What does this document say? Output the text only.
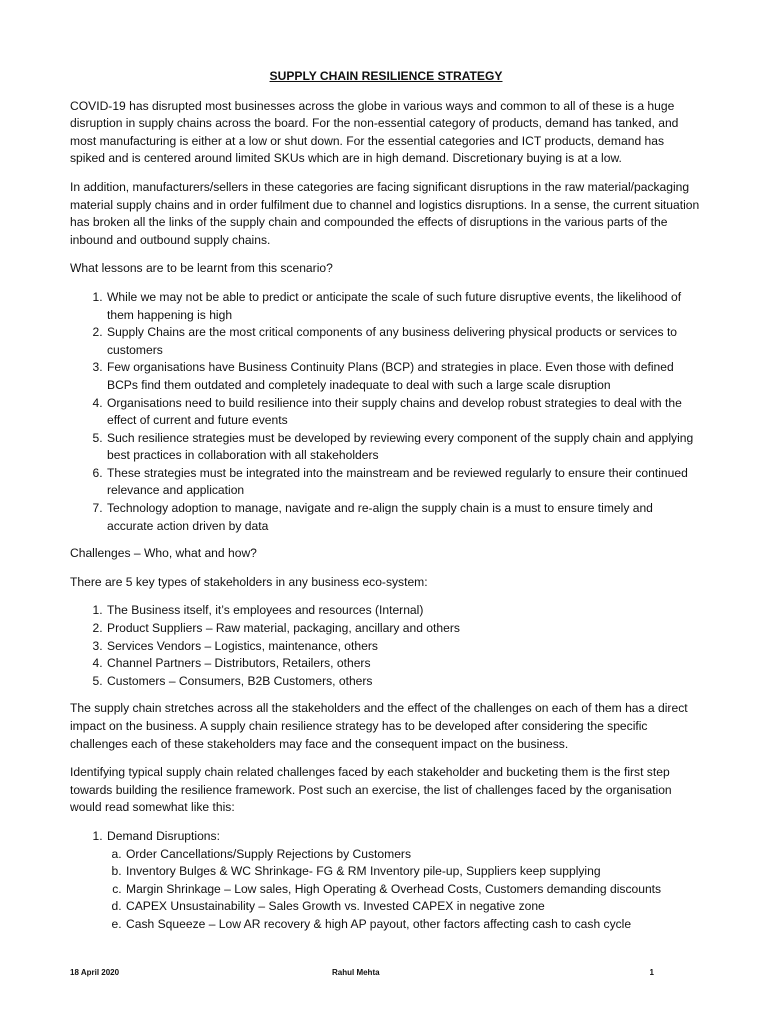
SUPPLY CHAIN RESILIENCE STRATEGY

COVID-19 has disrupted most businesses across the globe in various ways and common to all of these is a huge disruption in supply chains across the board. For the non-essential category of products, demand has tanked, and most manufacturing is either at a low or shut down. For the essential categories and ICT products, demand has spiked and is centered around limited SKUs which are in high demand. Discretionary buying is at a low.

In addition, manufacturers/sellers in these categories are facing significant disruptions in the raw material/packaging material supply chains and in order fulfilment due to channel and logistics disruptions. In a sense, the current situation has broken all the links of the supply chain and compounded the effects of disruptions in the various parts of the inbound and outbound supply chains.

What lessons are to be learnt from this scenario?

1. While we may not be able to predict or anticipate the scale of such future disruptive events, the likelihood of them happening is high
2. Supply Chains are the most critical components of any business delivering physical products or services to customers
3. Few organisations have Business Continuity Plans (BCP) and strategies in place. Even those with defined BCPs find them outdated and completely inadequate to deal with such a large scale disruption
4. Organisations need to build resilience into their supply chains and develop robust strategies to deal with the effect of current and future events
5. Such resilience strategies must be developed by reviewing every component of the supply chain and applying best practices in collaboration with all stakeholders
6. These strategies must be integrated into the mainstream and be reviewed regularly to ensure their continued relevance and application
7. Technology adoption to manage, navigate and re-align the supply chain is a must to ensure timely and accurate action driven by data

Challenges – Who, what and how?

There are 5 key types of stakeholders in any business eco-system:

1. The Business itself, it’s employees and resources (Internal)
2. Product Suppliers – Raw material, packaging, ancillary and others
3. Services Vendors – Logistics, maintenance, others
4. Channel Partners – Distributors, Retailers, others
5. Customers – Consumers, B2B Customers, others

The supply chain stretches across all the stakeholders and the effect of the challenges on each of them has a direct impact on the business. A supply chain resilience strategy has to be developed after considering the specific challenges each of these stakeholders may face and the consequent impact on the business.

Identifying typical supply chain related challenges faced by each stakeholder and bucketing them is the first step towards building the resilience framework. Post such an exercise, the list of challenges faced by the organisation would read somewhat like this:

1. Demand Disruptions:
a. Order Cancellations/Supply Rejections by Customers
b. Inventory Bulges & WC Shrinkage- FG & RM Inventory pile-up, Suppliers keep supplying
c. Margin Shrinkage – Low sales, High Operating & Overhead Costs, Customers demanding discounts
d. CAPEX Unsustainability – Sales Growth vs. Invested CAPEX in negative zone
e. Cash Squeeze – Low AR recovery & high AP payout, other factors affecting cash to cash cycle
18 April 2020	Rahul Mehta	1
